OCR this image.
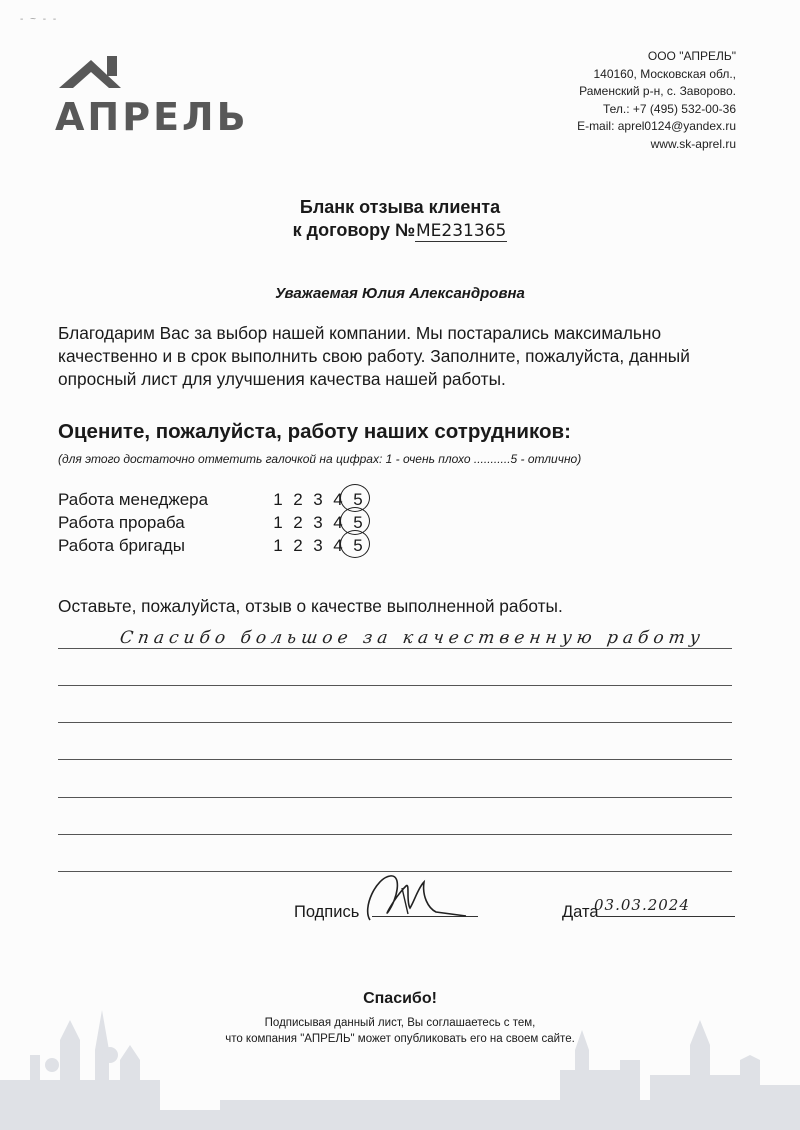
- ~ - -
АПРЕЛЬ
ООО "АПРЕЛЬ"
140160, Московская обл.,
Раменский р-н, с. Заворово.
Тел.: +7 (495) 532-00-36
E-mail: aprel0124@yandex.ru
www.sk-aprel.ru
Бланк отзыва клиента
к договору №ME231365
Уважаемая Юлия Александровна
Благодарим Вас за выбор нашей компании. Мы постарались максимально качественно и в срок выполнить свою работу. Заполните, пожалуйста, данный опросный лист для улучшения качества нашей работы.
Оцените, пожалуйста, работу наших сотрудников:
(для этого достаточно отметить галочкой на цифрах: 1 - очень плохо ...........5 - отлично)
Работа менеджера	1 2 3 4 5
Работа прораба	1 2 3 4 5
Работа бригады	1 2 3 4 5
Оставьте, пожалуйста, отзыв о качестве выполненной работы.
Спасибо большое за качественную работу
Подпись	Дата
03.03.2024
Спасибо!
Подписывая данный лист, Вы соглашаетесь с тем,
что компания "АПРЕЛЬ" может опубликовать его на своем сайте.
